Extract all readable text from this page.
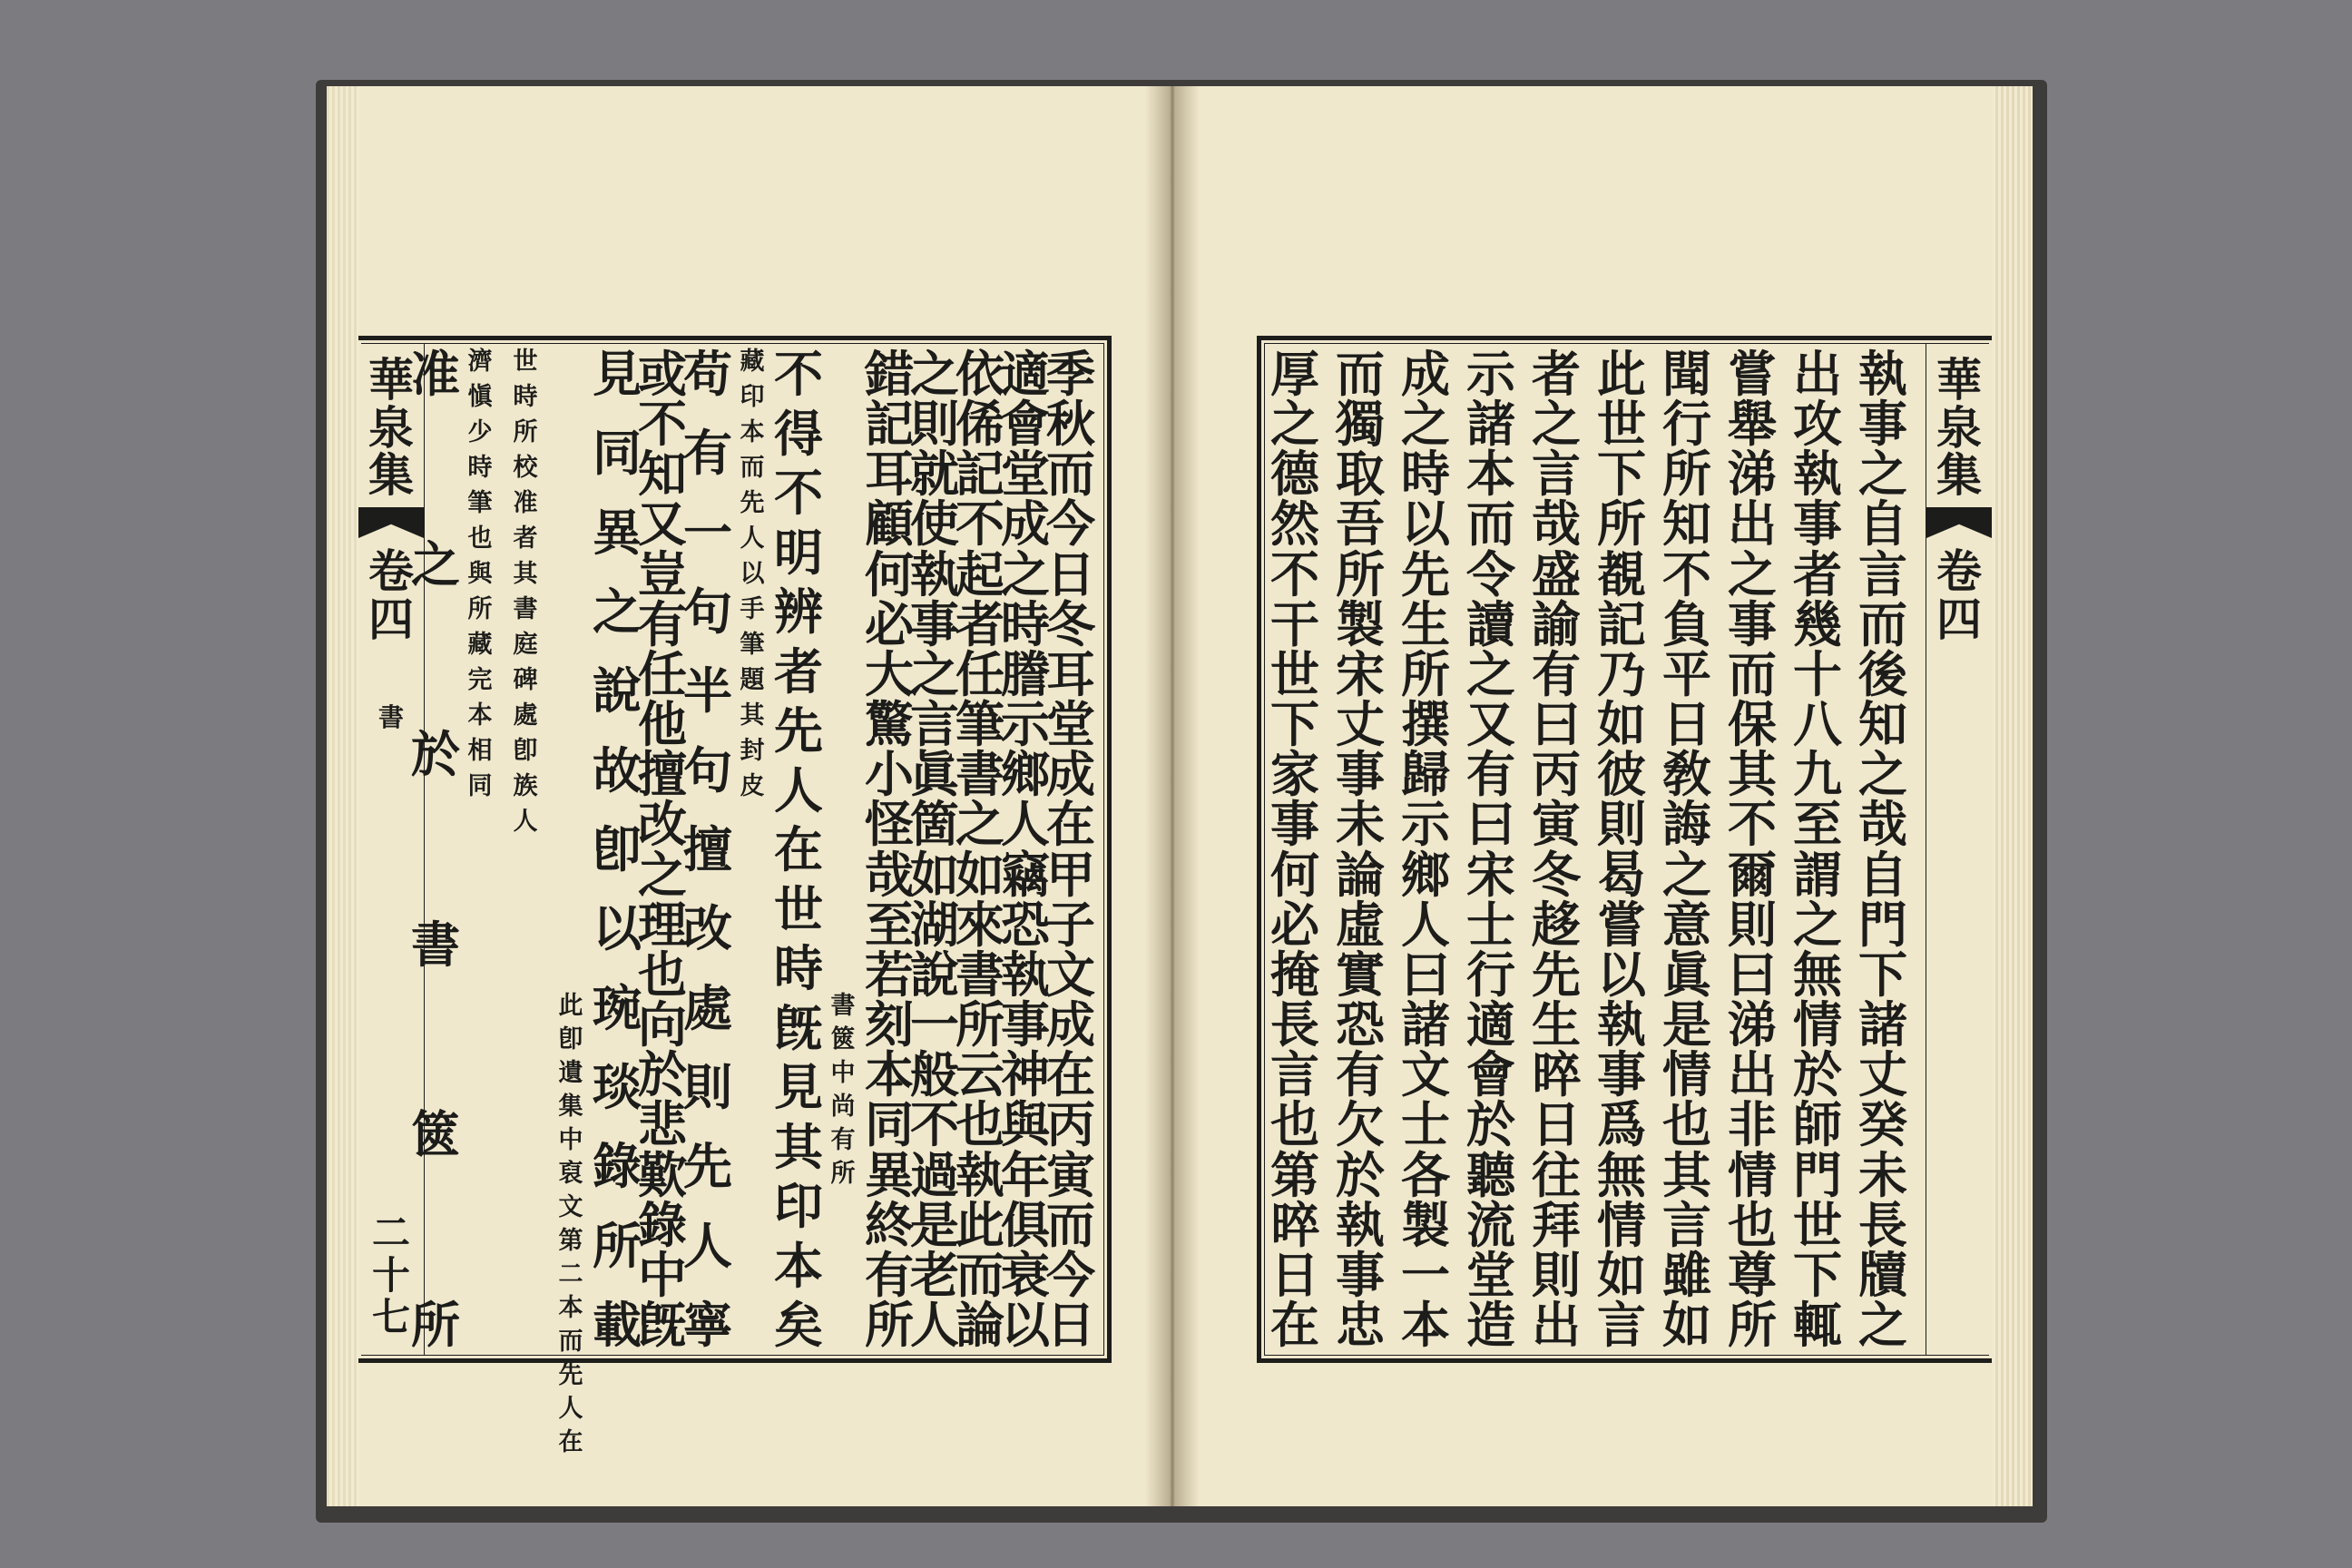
華
泉
集
卷
四
書
二
十
七
季
秋
而
今
日
冬
耳
堂
成
在
甲
子
文
成
在
丙
寅
而
今
日
適
會
堂
成
之
時
謄
示
鄉
人
竊
恐
執
事
神
與
年
俱
衰
以
依
俙
記
不
起
者
任
筆
書
之
如
來
書
所
云
也
執
此
而
論
之
則
就
使
執
事
之
言
眞
箇
如
湖
說
一
般
不
過
是
老
人
錯
記
耳
顧
何
必
大
驚
小
怪
哉
至
若
刻
本
同
異
終
有
所
書
篋
中
尚
有
所
不
得
不
明
辨
者
先
人
在
世
時
旣
見
其
印
本
矣
藏
印
本
而
先
人
以
手
筆
題
其
封
皮
苟
有
一
句
半
句
擅
改
處
則
先
人
寧
或
不
知
又
豈
有
任
他
擅
改
之
理
也
向
於
悲
歎
錄
中
旣
見
同
異
之
說
故
卽
以
琬
琰
錄
所
載
此
卽
遺
集
中
裒
文
第
二
本
而
先
人
在
世
時
所
校
准
者
其
書
庭
碑
處
卽
族
人
濟
愼
少
時
筆
也
與
所
藏
完
本
相
同
准
之
於
書
篋
所
華
泉
集
卷
四
執
事
之
自
言
而
後
知
之
哉
自
門
下
諸
丈
癸
未
長
牘
之
出
攻
執
事
者
幾
十
八
九
至
謂
之
無
情
於
師
門
世
下
輒
嘗
舉
涕
出
之
事
而
保
其
不
爾
則
曰
涕
出
非
情
也
尊
所
聞
行
所
知
不
負
平
日
敎
誨
之
意
眞
是
情
也
其
言
雖
如
此
世
下
所
覩
記
乃
如
彼
則
曷
嘗
以
執
事
爲
無
情
如
言
者
之
言
哉
盛
諭
有
曰
丙
寅
冬
趍
先
生
晬
日
往
拜
則
出
示
諸
本
而
令
讀
之
又
有
曰
宋
士
行
適
會
於
聽
流
堂
造
成
之
時
以
先
生
所
撰
歸
示
鄉
人
曰
諸
文
士
各
製
一
本
而
獨
取
吾
所
製
宋
丈
事
未
論
虛
實
恐
有
欠
於
執
事
忠
厚
之
德
然
不
干
世
下
家
事
何
必
掩
長
言
也
第
晬
日
在
